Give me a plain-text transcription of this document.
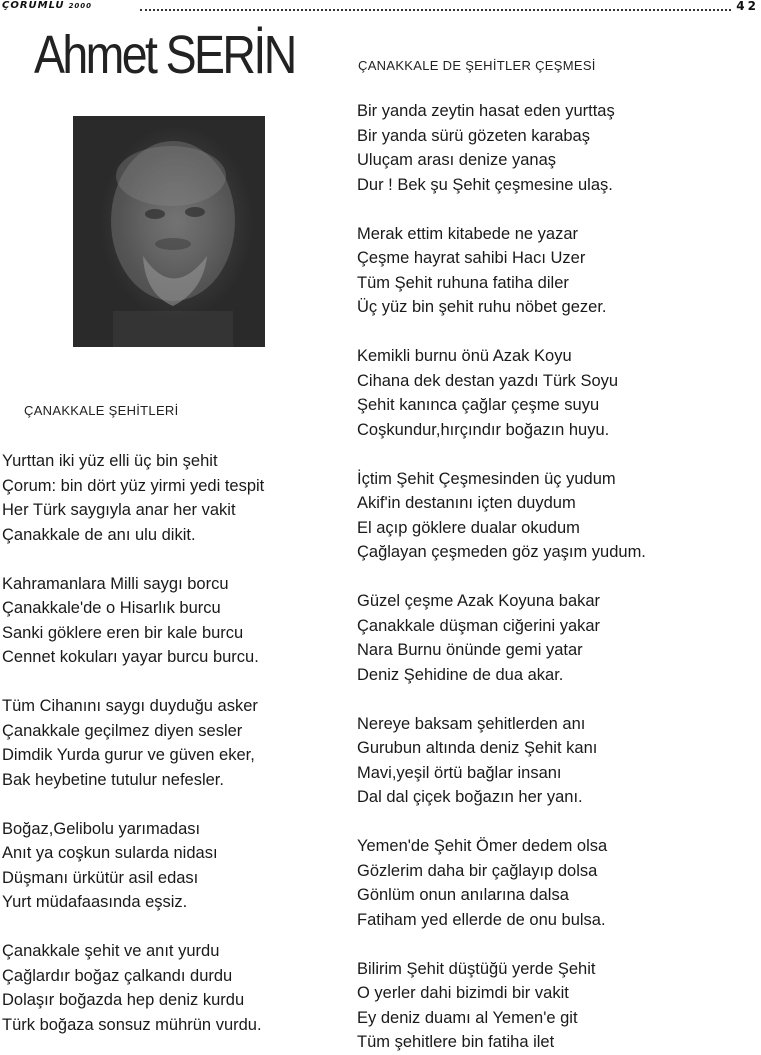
ÇORUMLU 2000	42
Ahmet SERİN
ÇANAKKALE ŞEHİTLERİ
Yurttan iki yüz elli üç bin şehit
Çorum: bin dört yüz yirmi yedi tespit
Her Türk saygıyla anar her vakit
Çanakkale de anı ulu dikit.
Kahramanlara Milli saygı borcu
Çanakkale'de o Hisarlık burcu
Sanki göklere eren bir kale burcu
Cennet kokuları yayar burcu burcu.
Tüm Cihanını saygı duyduğu asker
Çanakkale geçilmez diyen sesler
Dimdik Yurda gurur ve güven eker,
Bak heybetine tutulur nefesler.
Boğaz,Gelibolu yarımadası
Anıt ya coşkun sularda nidası
Düşmanı ürkütür asil edası
Yurt müdafaasında eşsiz.
Çanakkale şehit ve anıt yurdu
Çağlardır boğaz çalkandı durdu
Dolaşır boğazda hep deniz kurdu
Türk boğaza sonsuz mührün vurdu.
ÇANAKKALE DE ŞEHİTLER ÇEŞMESİ
Bir yanda zeytin hasat eden yurttaş
Bir yanda sürü gözeten karabaş
Uluçam arası denize yanaş
Dur ! Bek şu Şehit çeşmesine ulaş.
Merak ettim kitabede ne yazar
Çeşme hayrat sahibi Hacı Uzer
Tüm Şehit ruhuna fatiha diler
Üç yüz bin şehit ruhu nöbet gezer.
Kemikli burnu önü Azak Koyu
Cihana dek destan yazdı Türk Soyu
Şehit kanınca çağlar çeşme suyu
Coşkundur,hırçındır boğazın huyu.
İçtim Şehit Çeşmesinden üç yudum
Akif'in destanını içten duydum
El açıp göklere dualar okudum
Çağlayan çeşmeden göz yaşım yudum.
Güzel çeşme Azak Koyuna bakar
Çanakkale düşman ciğerini yakar
Nara Burnu önünde gemi yatar
Deniz Şehidine de dua akar.
Nereye baksam şehitlerden anı
Gurubun altında deniz Şehit kanı
Mavi,yeşil örtü bağlar insanı
Dal dal çiçek boğazın her yanı.
Yemen'de Şehit Ömer dedem olsa
Gözlerim daha bir çağlayıp dolsa
Gönlüm onun anılarına dalsa
Fatiham yed ellerde de onu bulsa.
Bilirim Şehit düştüğü yerde Şehit
O yerler dahi bizimdi bir vakit
Ey deniz duamı al Yemen'e git
Tüm şehitlere bin fatiha ilet
